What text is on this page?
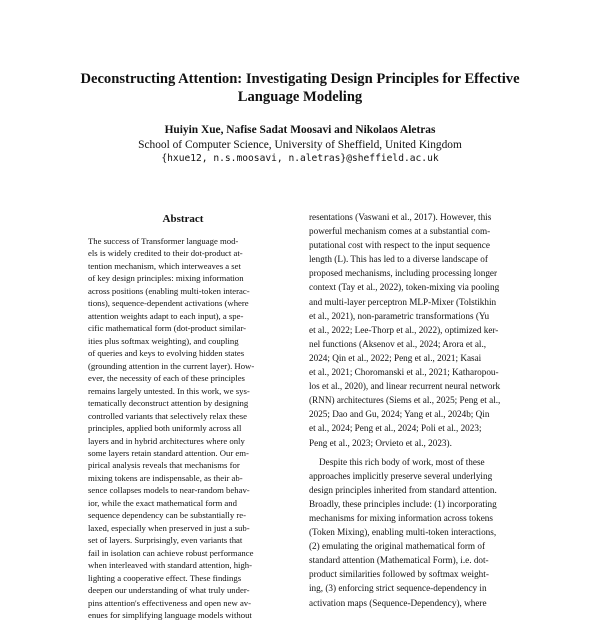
Deconstructing Attention: Investigating Design Principles for Effective
Language Modeling
Huiyin Xue, Nafise Sadat Moosavi and Nikolaos Aletras
School of Computer Science, University of Sheffield, United Kingdom
{hxue12, n.s.moosavi, n.aletras}@sheffield.ac.uk
Abstract
The success of Transformer language mod-
els is widely credited to their dot-product at-
tention mechanism, which interweaves a set
of key design principles: mixing information
across positions (enabling multi-token interac-
tions), sequence-dependent activations (where
attention weights adapt to each input), a spe-
cific mathematical form (dot-product similar-
ities plus softmax weighting), and coupling
of queries and keys to evolving hidden states
(grounding attention in the current layer). How-
ever, the necessity of each of these principles
remains largely untested. In this work, we sys-
tematically deconstruct attention by designing
controlled variants that selectively relax these
principles, applied both uniformly across all
layers and in hybrid architectures where only
some layers retain standard attention. Our em-
pirical analysis reveals that mechanisms for
mixing tokens are indispensable, as their ab-
sence collapses models to near-random behav-
ior, while the exact mathematical form and
sequence dependency can be substantially re-
laxed, especially when preserved in just a sub-
set of layers. Surprisingly, even variants that
fail in isolation can achieve robust performance
when interleaved with standard attention, high-
lighting a cooperative effect. These findings
deepen our understanding of what truly under-
pins attention's effectiveness and open new av-
enues for simplifying language models without
resentations (Vaswani et al., 2017). However, this
powerful mechanism comes at a substantial com-
putational cost with respect to the input sequence
length (L). This has led to a diverse landscape of
proposed mechanisms, including processing longer
context (Tay et al., 2022), token-mixing via pooling
and multi-layer perceptron MLP-Mixer (Tolstikhin
et al., 2021), non-parametric transformations (Yu
et al., 2022; Lee-Thorp et al., 2022), optimized ker-
nel functions (Aksenov et al., 2024; Arora et al.,
2024; Qin et al., 2022; Peng et al., 2021; Kasai
et al., 2021; Choromanski et al., 2021; Katharopou-
los et al., 2020), and linear recurrent neural network
(RNN) architectures (Siems et al., 2025; Peng et al.,
2025; Dao and Gu, 2024; Yang et al., 2024b; Qin
et al., 2024; Peng et al., 2024; Poli et al., 2023;
Peng et al., 2023; Orvieto et al., 2023).
Despite this rich body of work, most of these
approaches implicitly preserve several underlying
design principles inherited from standard attention.
Broadly, these principles include: (1) incorporating
mechanisms for mixing information across tokens
(Token Mixing), enabling multi-token interactions,
(2) emulating the original mathematical form of
standard attention (Mathematical Form), i.e. dot-
product similarities followed by softmax weight-
ing, (3) enforcing strict sequence-dependency in
activation maps (Sequence-Dependency), where
